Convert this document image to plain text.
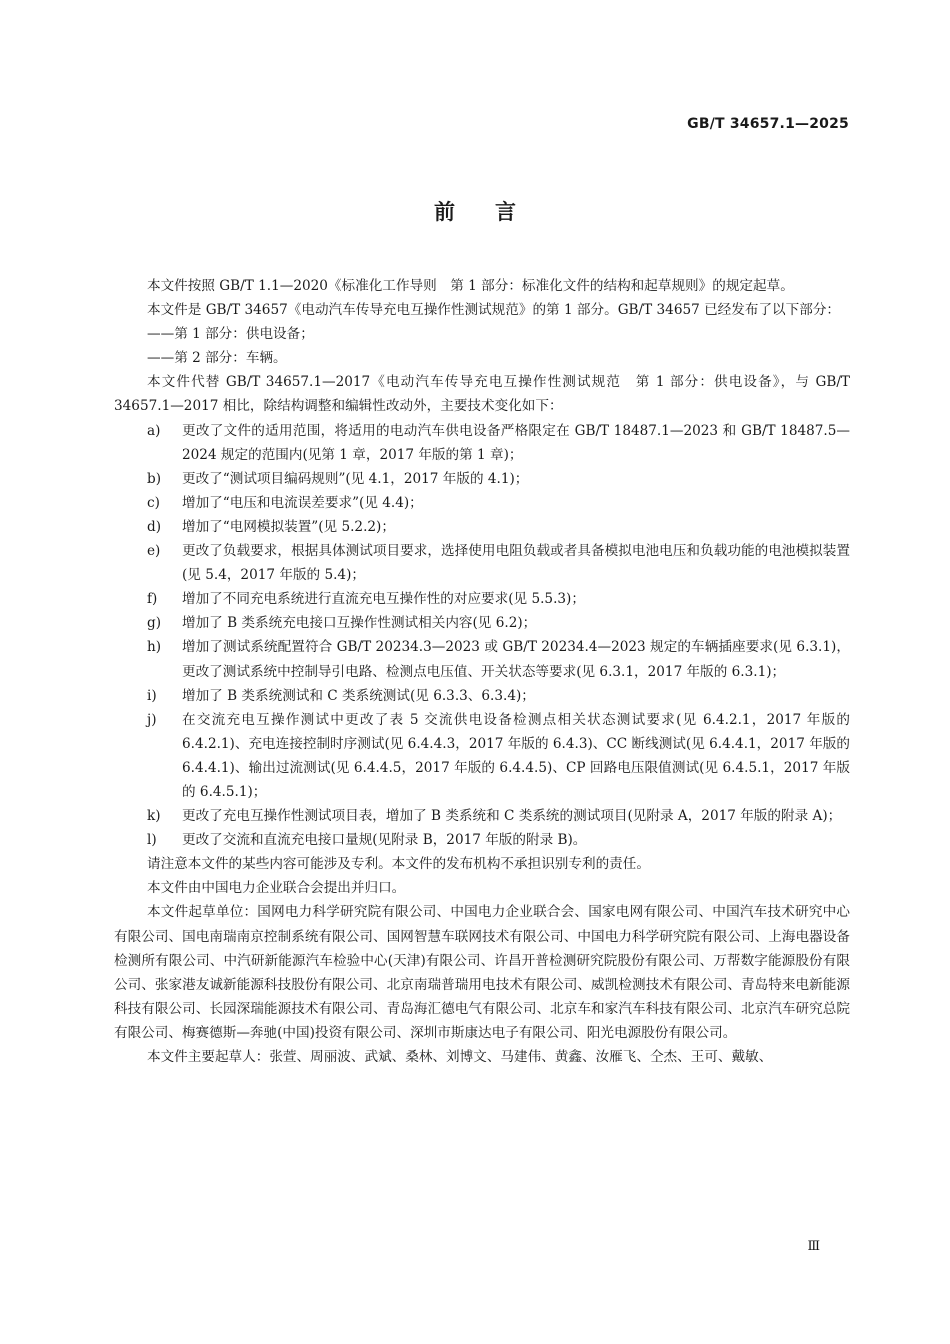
GB/T 34657.1—2025
前言

本文件按照 GB/T 1.1—2020《标准化工作导则　第 1 部分：标准化文件的结构和起草规则》的规定起草。

本文件是 GB/T 34657《电动汽车传导充电互操作性测试规范》的第 1 部分。GB/T 34657 已经发布了以下部分：

——第 1 部分：供电设备；

——第 2 部分：车辆。

本文件代替 GB/T 34657.1—2017《电动汽车传导充电互操作性测试规范　第 1 部分：供电设备》，与 GB/T 34657.1—2017 相比，除结构调整和编辑性改动外，主要技术变化如下：

a)	更改了文件的适用范围，将适用的电动汽车供电设备严格限定在 GB/T 18487.1—2023 和 GB/T 18487.5—2024 规定的范围内(见第 1 章，2017 年版的第 1 章)；
b)	更改了“测试项目编码规则”(见 4.1，2017 年版的 4.1)；
c)	增加了“电压和电流误差要求”(见 4.4)；
d)	增加了“电网模拟装置”(见 5.2.2)；
e)	更改了负载要求，根据具体测试项目要求，选择使用电阻负载或者具备模拟电池电压和负载功能的电池模拟装置(见 5.4，2017 年版的 5.4)；
f)	增加了不同充电系统进行直流充电互操作性的对应要求(见 5.5.3)；
g)	增加了 B 类系统充电接口互操作性测试相关内容(见 6.2)；
h)	增加了测试系统配置符合 GB/T 20234.3—2023 或 GB/T 20234.4—2023 规定的车辆插座要求(见 6.3.1)，更改了测试系统中控制导引电路、检测点电压值、开关状态等要求(见 6.3.1，2017 年版的 6.3.1)；
i)	增加了 B 类系统测试和 C 类系统测试(见 6.3.3、6.3.4)；
j)	在交流充电互操作测试中更改了表 5 交流供电设备检测点相关状态测试要求(见 6.4.2.1，2017 年版的 6.4.2.1)、充电连接控制时序测试(见 6.4.4.3，2017 年版的 6.4.3)、CC 断线测试(见 6.4.4.1，2017 年版的 6.4.4.1)、输出过流测试(见 6.4.4.5，2017 年版的 6.4.4.5)、CP 回路电压限值测试(见 6.4.5.1，2017 年版的 6.4.5.1)；
k)	更改了充电互操作性测试项目表，增加了 B 类系统和 C 类系统的测试项目(见附录 A，2017 年版的附录 A)；
l)	更改了交流和直流充电接口量规(见附录 B，2017 年版的附录 B)。

请注意本文件的某些内容可能涉及专利。本文件的发布机构不承担识别专利的责任。

本文件由中国电力企业联合会提出并归口。

本文件起草单位：国网电力科学研究院有限公司、中国电力企业联合会、国家电网有限公司、中国汽车技术研究中心有限公司、国电南瑞南京控制系统有限公司、国网智慧车联网技术有限公司、中国电力科学研究院有限公司、上海电器设备检测所有限公司、中汽研新能源汽车检验中心(天津)有限公司、许昌开普检测研究院股份有限公司、万帮数字能源股份有限公司、张家港友诚新能源科技股份有限公司、北京南瑞普瑞用电技术有限公司、威凯检测技术有限公司、青岛特来电新能源科技有限公司、长园深瑞能源技术有限公司、青岛海汇德电气有限公司、北京车和家汽车科技有限公司、北京汽车研究总院有限公司、梅赛德斯—奔驰(中国)投资有限公司、深圳市斯康达电子有限公司、阳光电源股份有限公司。

本文件主要起草人：张萱、周丽波、武斌、桑林、刘博文、马建伟、黄鑫、汝雁飞、仝杰、王可、戴敏、

Ⅲ
